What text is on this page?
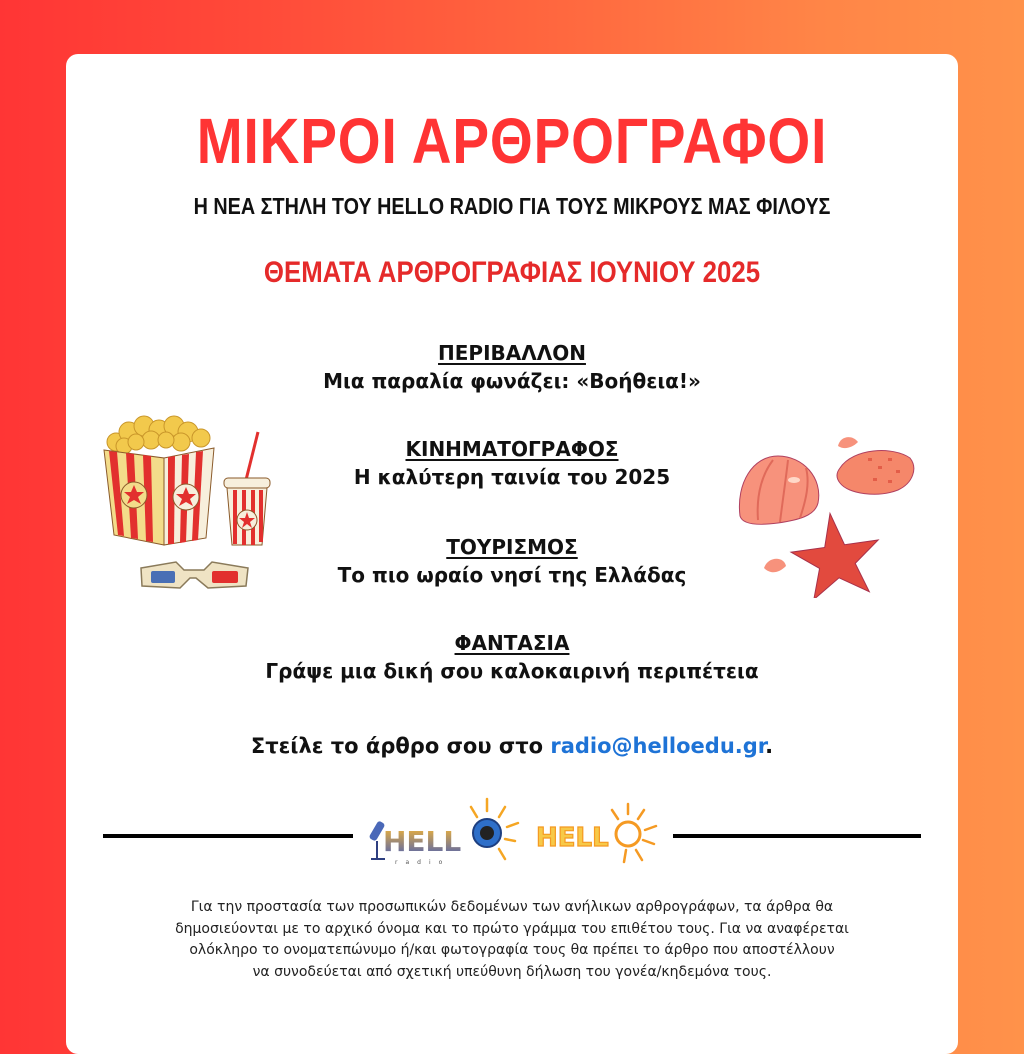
ΜΙΚΡΟΙ ΑΡΘΡΟΓΡΑΦΟΙ
Η ΝΕΑ ΣΤΗΛΗ ΤΟΥ HELLO RADIO ΓΙΑ ΤΟΥΣ ΜΙΚΡΟΥΣ ΜΑΣ ΦΙΛΟΥΣ
ΘΕΜΑΤΑ ΑΡΘΡΟΓΡΑΦΙΑΣ ΙΟΥΝΙΟΥ 2025
ΠΕΡΙΒΑΛΛΟΝ
Μια παραλία φωνάζει: «Βοήθεια!»
ΚΙΝΗΜΑΤΟΓΡΑΦΟΣ
Η καλύτερη ταινία του 2025
ΤΟΥΡΙΣΜΟΣ
Το πιο ωραίο νησί της Ελλάδας
ΦΑΝΤΑΣΙΑ
Γράψε μια δική σου καλοκαιρινή περιπέτεια
Στείλε το άρθρο σου στο radio@helloedu.gr.
HELL
radio
HELL
Για την προστασία των προσωπικών δεδομένων των ανήλικων αρθρογράφων, τα άρθρα θα
δημοσιεύονται με το αρχικό όνομα και το πρώτο γράμμα του επιθέτου τους. Για να αναφέρεται
ολόκληρο το ονοματεπώνυμο ή/και φωτογραφία τους θα πρέπει το άρθρο που αποστέλλουν
να συνοδεύεται από σχετική υπεύθυνη δήλωση του γονέα/κηδεμόνα τους.
